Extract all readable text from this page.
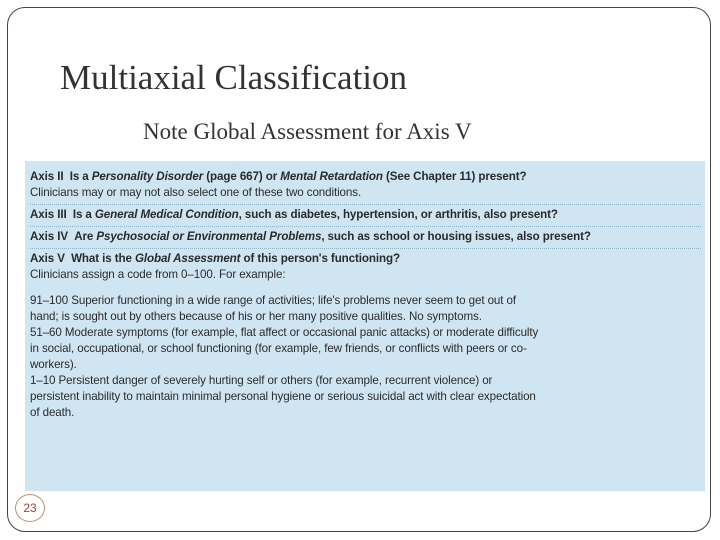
Multiaxial Classification
Note Global Assessment for Axis V
Axis II Is a Personality Disorder (page 667) or Mental Retardation (See Chapter 11) present?
Clinicians may or may not also select one of these two conditions.
Axis III Is a General Medical Condition, such as diabetes, hypertension, or arthritis, also present?
Axis IV Are Psychosocial or Environmental Problems, such as school or housing issues, also present?
Axis V What is the Global Assessment of this person's functioning?
Clinicians assign a code from 0–100. For example:
91–100 Superior functioning in a wide range of activities; life's problems never seem to get out of
hand; is sought out by others because of his or her many positive qualities. No symptoms.
51–60 Moderate symptoms (for example, flat affect or occasional panic attacks) or moderate difficulty
in social, occupational, or school functioning (for example, few friends, or conflicts with peers or co-
workers).
1–10 Persistent danger of severely hurting self or others (for example, recurrent violence) or
persistent inability to maintain minimal personal hygiene or serious suicidal act with clear expectation
of death.
23
